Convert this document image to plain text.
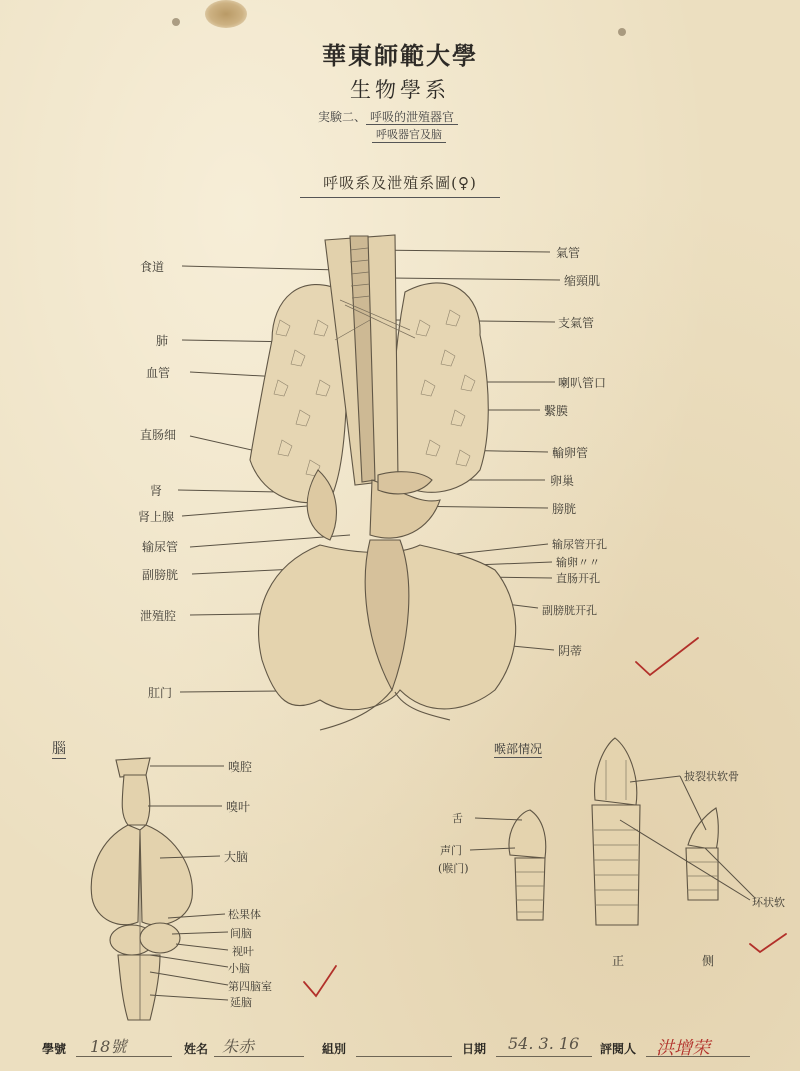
華東師範大學
生物學系
実験二、 呼吸的泄殖器官
呼吸器官及脑
呼吸系及泄殖系圖(♀)
食道
肺
血管
直肠细
肾
肾上腺
输尿管
副膀胱
泄殖腔
肛门
氣管
缩頸肌
支氣管
喇叭管口
繫膜
輸卵管
卵巢
膀胱
输尿管开孔
输卵〃〃
直肠开孔
副膀胱开孔
阴蒂
腦
嗅腔
嗅叶
大脑
松果体
间脑
视叶
小脑
第四脑室
延脑
喉部情况
舌
声门
(喉门)
披裂状软骨
环状软
正	侧
學號 18號	姓名 朱赤	組別	日期 54. 3. 16 評閱人 洪增荣
